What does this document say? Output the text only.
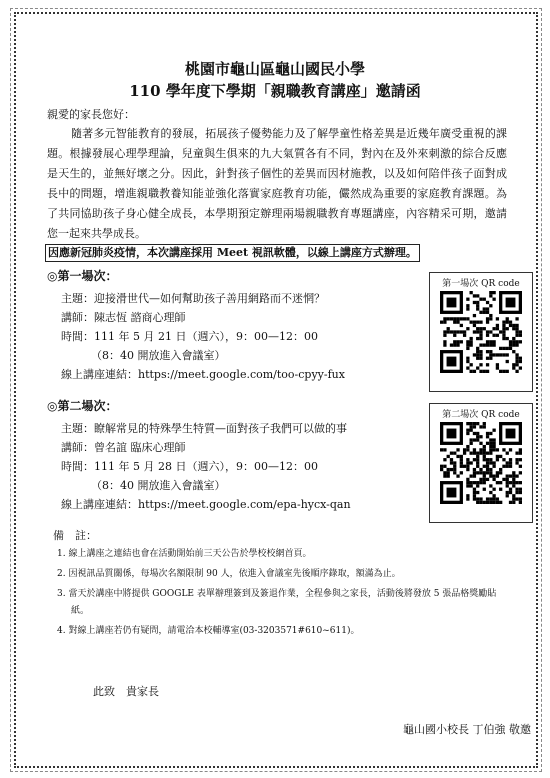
桃園市龜山區龜山國民小學
110 學年度下學期「親職教育講座」邀請函
親愛的家長您好：
隨著多元智能教育的發展，拓展孩子優勢能力及了解學童性格差異是近幾年廣受重視的課題。根據發展心理學理論，兒童與生俱來的九大氣質各有不同，對內在及外來刺激的綜合反應是天生的，並無好壞之分。因此，針對孩子個性的差異而因材施教，以及如何陪伴孩子面對成長中的問題，增進親職教養知能並強化落實家庭教育功能，儼然成為重要的家庭教育課題。為了共同協助孩子身心健全成長，本學期預定辦理兩場親職教育專題講座，內容精采可期，邀請您一起來共學成長。
因應新冠肺炎疫情，本次講座採用 Meet 視訊軟體，以線上講座方式辦理。
◎第一場次：
主題：迎接滑世代—如何幫助孩子善用網路而不迷惘？
講師：陳志恆 諮商心理師
時間：111 年 5 月 21 日（週六），9：00—12：00
（8：40 開放進入會議室）
線上講座連結：https://meet.google.com/too-cpyy-fux
第一場次 QR code
◎第二場次：
主題：瞭解常見的特殊學生特質—面對孩子我們可以做的事
講師：曾名誼 臨床心理師
時間：111 年 5 月 28 日（週六），9：00—12：00
（8：40 開放進入會議室）
線上講座連結：https://meet.google.com/epa-hycx-qan
第二場次 QR code
備　註：

1. 線上講座之連結也會在活動開始前三天公告於學校校網首頁。

2. 因視訊品質關係，每場次名額限制 90 人，依進入會議室先後順序錄取，額滿為止。

3. 當天於講座中將提供 GOOGLE 表單辦理簽到及簽退作業，全程參與之家長，活動後將發放 5 張品格獎勵貼紙。

4. 對線上講座若仍有疑問，請電洽本校輔導室(03-3203571#610~611)。

此致　貴家長
龜山國小校長 丁伯強 敬邀
